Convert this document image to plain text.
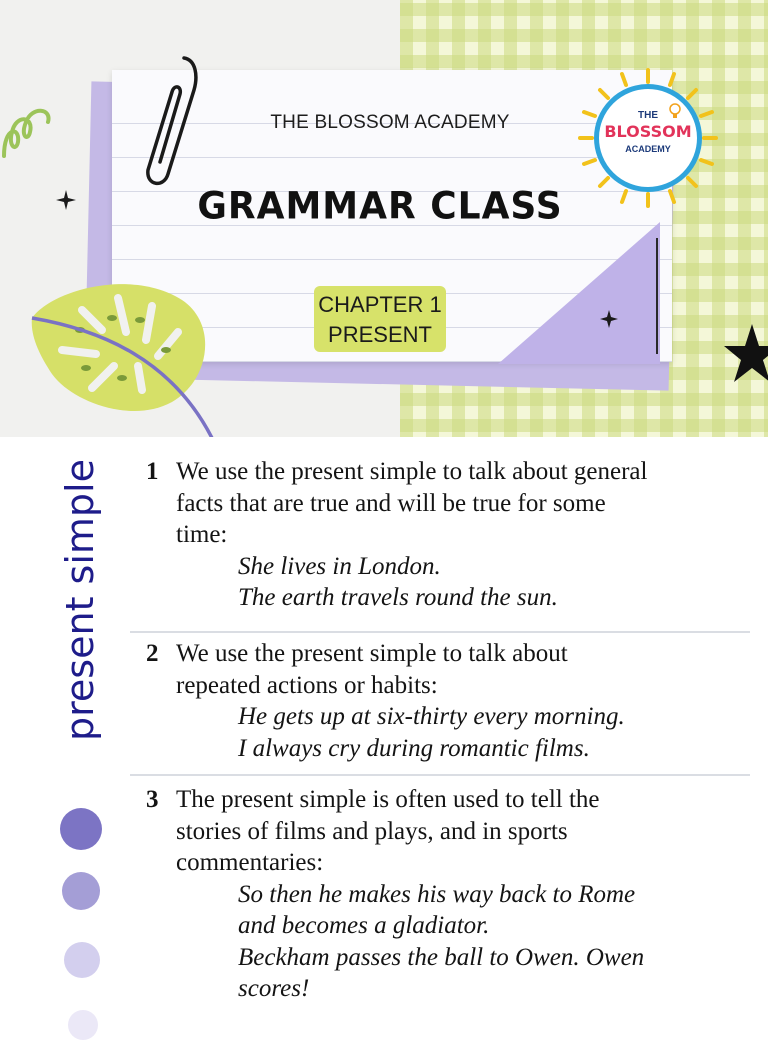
THE BLOSSOM ACADEMY
GRAMMAR CLASS
CHAPTER 1
PRESENT
THE
BLOSSOM
ACADEMY
present simple 1 We use the present simple to talk about general
facts that are true and will be true for some
time:
She lives in London.
The earth travels round the sun.
2 We use the present simple to talk about
repeated actions or habits:
He gets up at six-thirty every morning.
I always cry during romantic films.
3 The present simple is often used to tell the
stories of films and plays, and in sports
commentaries:
So then he makes his way back to Rome
and becomes a gladiator.
Beckham passes the ball to Owen. Owen
scores!
